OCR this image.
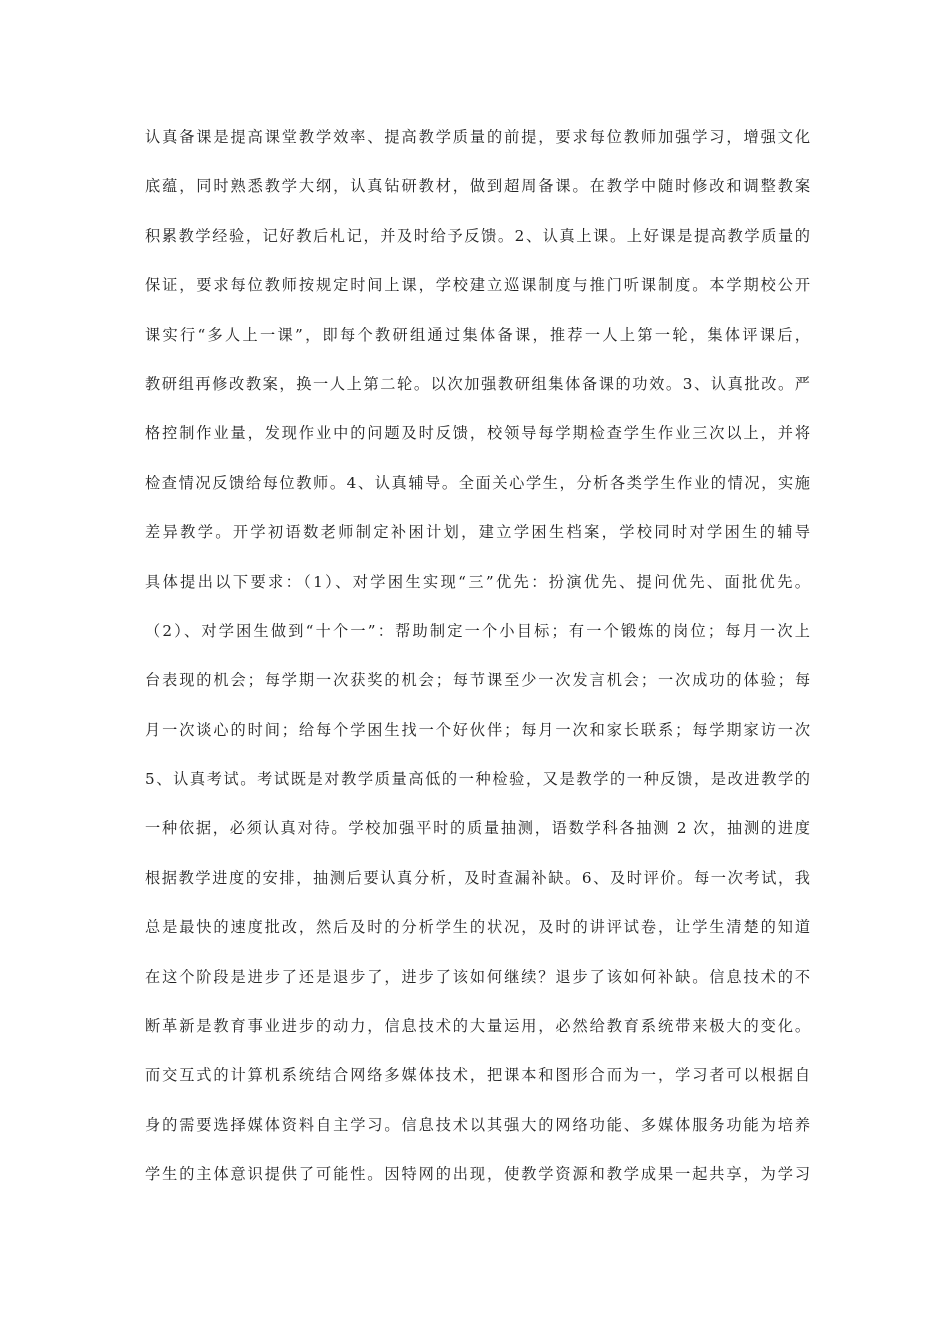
认真备课是提高课堂教学效率、提高教学质量的前提，要求每位教师加强学习，增强文化
底蕴，同时熟悉教学大纲，认真钻研教材，做到超周备课。在教学中随时修改和调整教案
积累教学经验，记好教后札记，并及时给予反馈。2、认真上课。上好课是提高教学质量的
保证，要求每位教师按规定时间上课，学校建立巡课制度与推门听课制度。本学期校公开
课实行“多人上一课”，即每个教研组通过集体备课，推荐一人上第一轮，集体评课后，
教研组再修改教案，换一人上第二轮。以次加强教研组集体备课的功效。3、认真批改。严
格控制作业量，发现作业中的问题及时反馈，校领导每学期检查学生作业三次以上，并将
检查情况反馈给每位教师。4、认真辅导。全面关心学生，分析各类学生作业的情况，实施
差异教学。开学初语数老师制定补困计划，建立学困生档案，学校同时对学困生的辅导
具体提出以下要求：（1）、对学困生实现“三”优先：扮演优先、提问优先、面批优先。
（2）、对学困生做到“十个一”：帮助制定一个小目标；有一个锻炼的岗位；每月一次上
台表现的机会；每学期一次获奖的机会；每节课至少一次发言机会；一次成功的体验；每
月一次谈心的时间；给每个学困生找一个好伙伴；每月一次和家长联系；每学期家访一次
5、认真考试。考试既是对教学质量高低的一种检验，又是教学的一种反馈，是改进教学的
一种依据，必须认真对待。学校加强平时的质量抽测，语数学科各抽测 2 次，抽测的进度
根据教学进度的安排，抽测后要认真分析，及时查漏补缺。6、及时评价。每一次考试，我
总是最快的速度批改，然后及时的分析学生的状况，及时的讲评试卷，让学生清楚的知道
在这个阶段是进步了还是退步了，进步了该如何继续？退步了该如何补缺。信息技术的不
断革新是教育事业进步的动力，信息技术的大量运用，必然给教育系统带来极大的变化。
而交互式的计算机系统结合网络多媒体技术，把课本和图形合而为一，学习者可以根据自
身的需要选择媒体资料自主学习。信息技术以其强大的网络功能、多媒体服务功能为培养
学生的主体意识提供了可能性。因特网的出现，使教学资源和教学成果一起共享，为学习
